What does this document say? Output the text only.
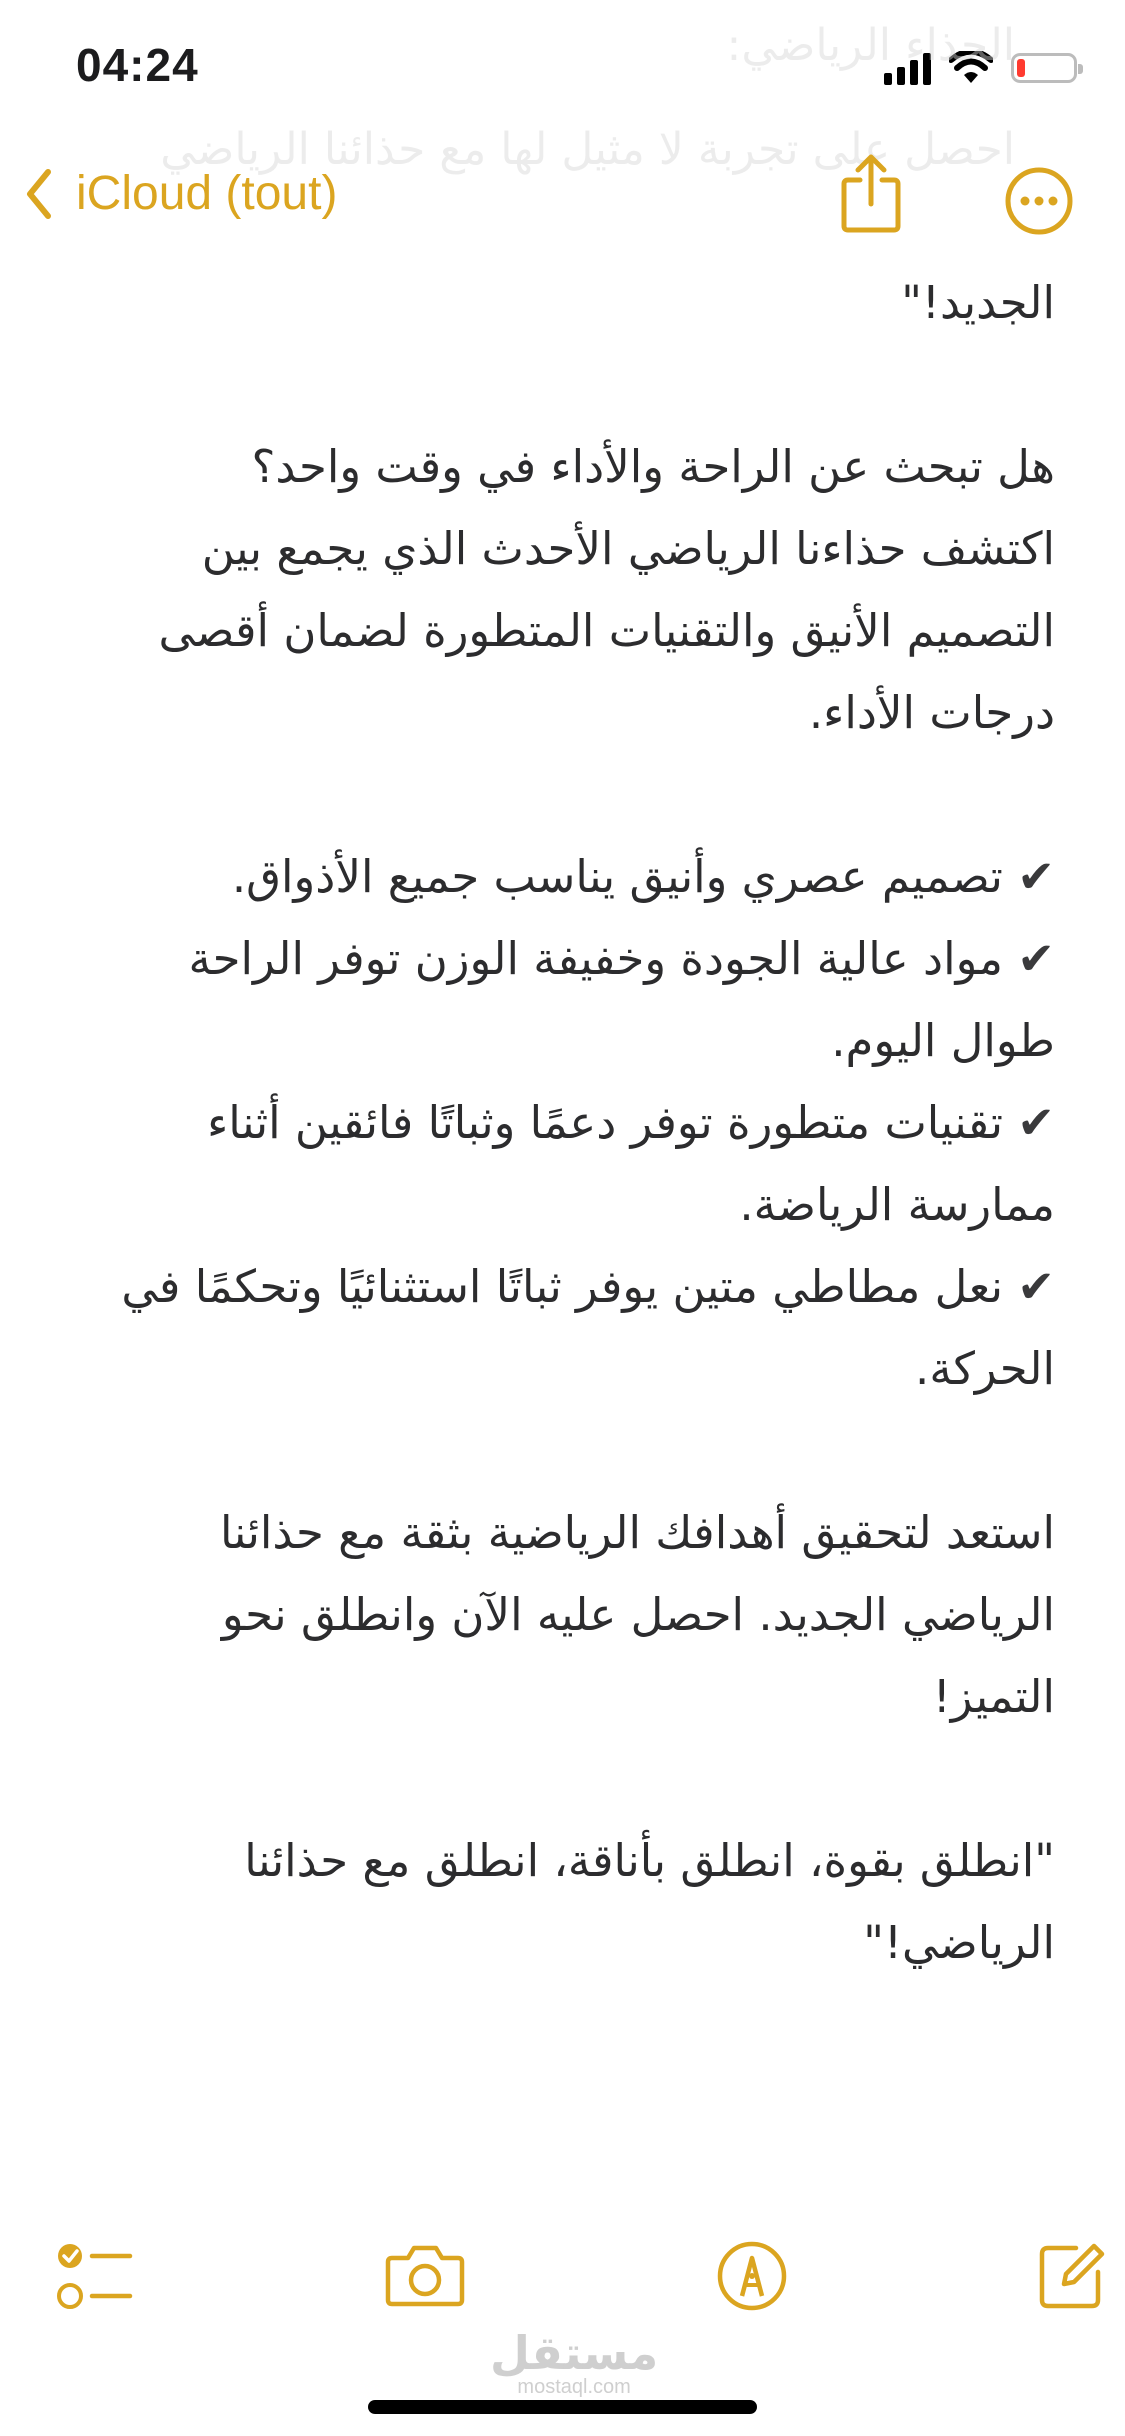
04:24	الحذاء الرياضي:
احصل على تجربة لا مثيل لها مع حذائنا الرياضي
iCloud (tout)

الجديد!"

هل تبحث عن الراحة والأداء في وقت واحد؟

اكتشف حذاءنا الرياضي الأحدث الذي يجمع بين التصميم الأنيق والتقنيات المتطورة لضمان أقصى درجات الأداء.

✔ تصميم عصري وأنيق يناسب جميع الأذواق.

✔ مواد عالية الجودة وخفيفة الوزن توفر الراحة طوال اليوم.

✔ تقنيات متطورة توفر دعمًا وثباتًا فائقين أثناء ممارسة الرياضة.

✔ نعل مطاطي متين يوفر ثباتًا استثنائيًا وتحكمًا في الحركة.

استعد لتحقيق أهدافك الرياضية بثقة مع حذائنا الرياضي الجديد. احصل عليه الآن وانطلق نحو التميز!

"انطلق بقوة، انطلق بأناقة، انطلق مع حذائنا الرياضي!"

مستقل
mostaql.com
